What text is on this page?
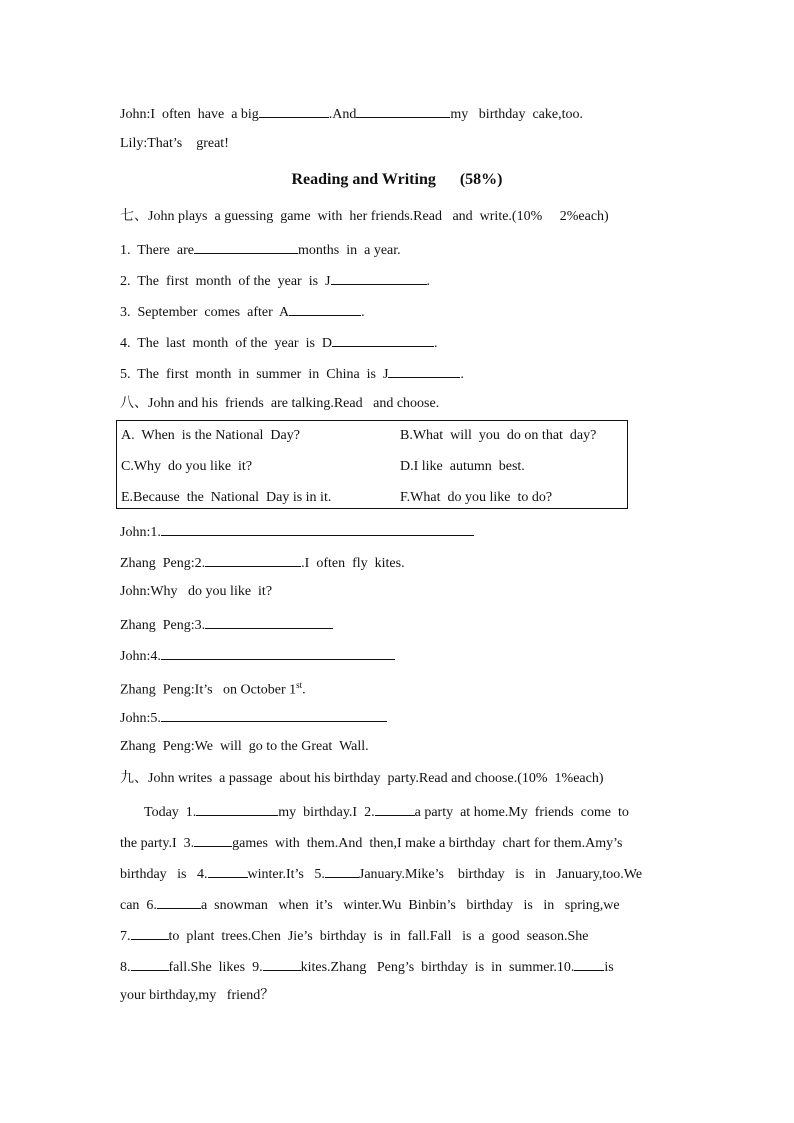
John:I  often  have  a big	.And	my   birthday  cake,too.
Lily:That’s    great!
Reading and Writing      (58%)
七、John plays  a guessing  game  with  her friends.Read   and  write.(10%     2%each)
1.  There  are	months  in  a year.
2.  The  first  month  of the  year  is  J	.
3.  September  comes  after  A	.
4.  The  last  month  of the  year  is  D	.
5.  The  first  month  in  summer  in  China  is  J	.
八、John and his  friends  are talking.Read   and choose.
A.  When  is the National  Day?	B.What  will  you  do on that  day?
C.Why  do you like  it?	D.I like  autumn  best.
E.Because  the  National  Day is in it.	F.What  do you like  to do?
John:1.
Zhang  Peng:2.	.I  often  fly  kites.
John:Why   do you like  it?
Zhang  Peng:3.
John:4.
Zhang  Peng:It’s   on October 1st.
John:5.
Zhang  Peng:We  will  go to the Great  Wall.
九、John writes  a passage  about his birthday  party.Read and choose.(10%  1%each)
Today  1.	my  birthday.I  2.	a party  at home.My  friends  come  to
the party.I  3.	games  with  them.And  then,I make a birthday  chart for them.Amy’s
birthday   is   4.	winter.It’s   5. January.Mike’s    birthday   is   in   January,too.We
can  6.	a  snowman   when  it’s   winter.Wu  Binbin’s   birthday   is   in   spring,we
7.	to  plant  trees.Chen  Jie’s  birthday  is  in  fall.Fall   is  a  good  season.She
8.	fall.She  likes  9.	kites.Zhang   Peng’s  birthday  is  in  summer.10. is
your birthday,my   friend？
